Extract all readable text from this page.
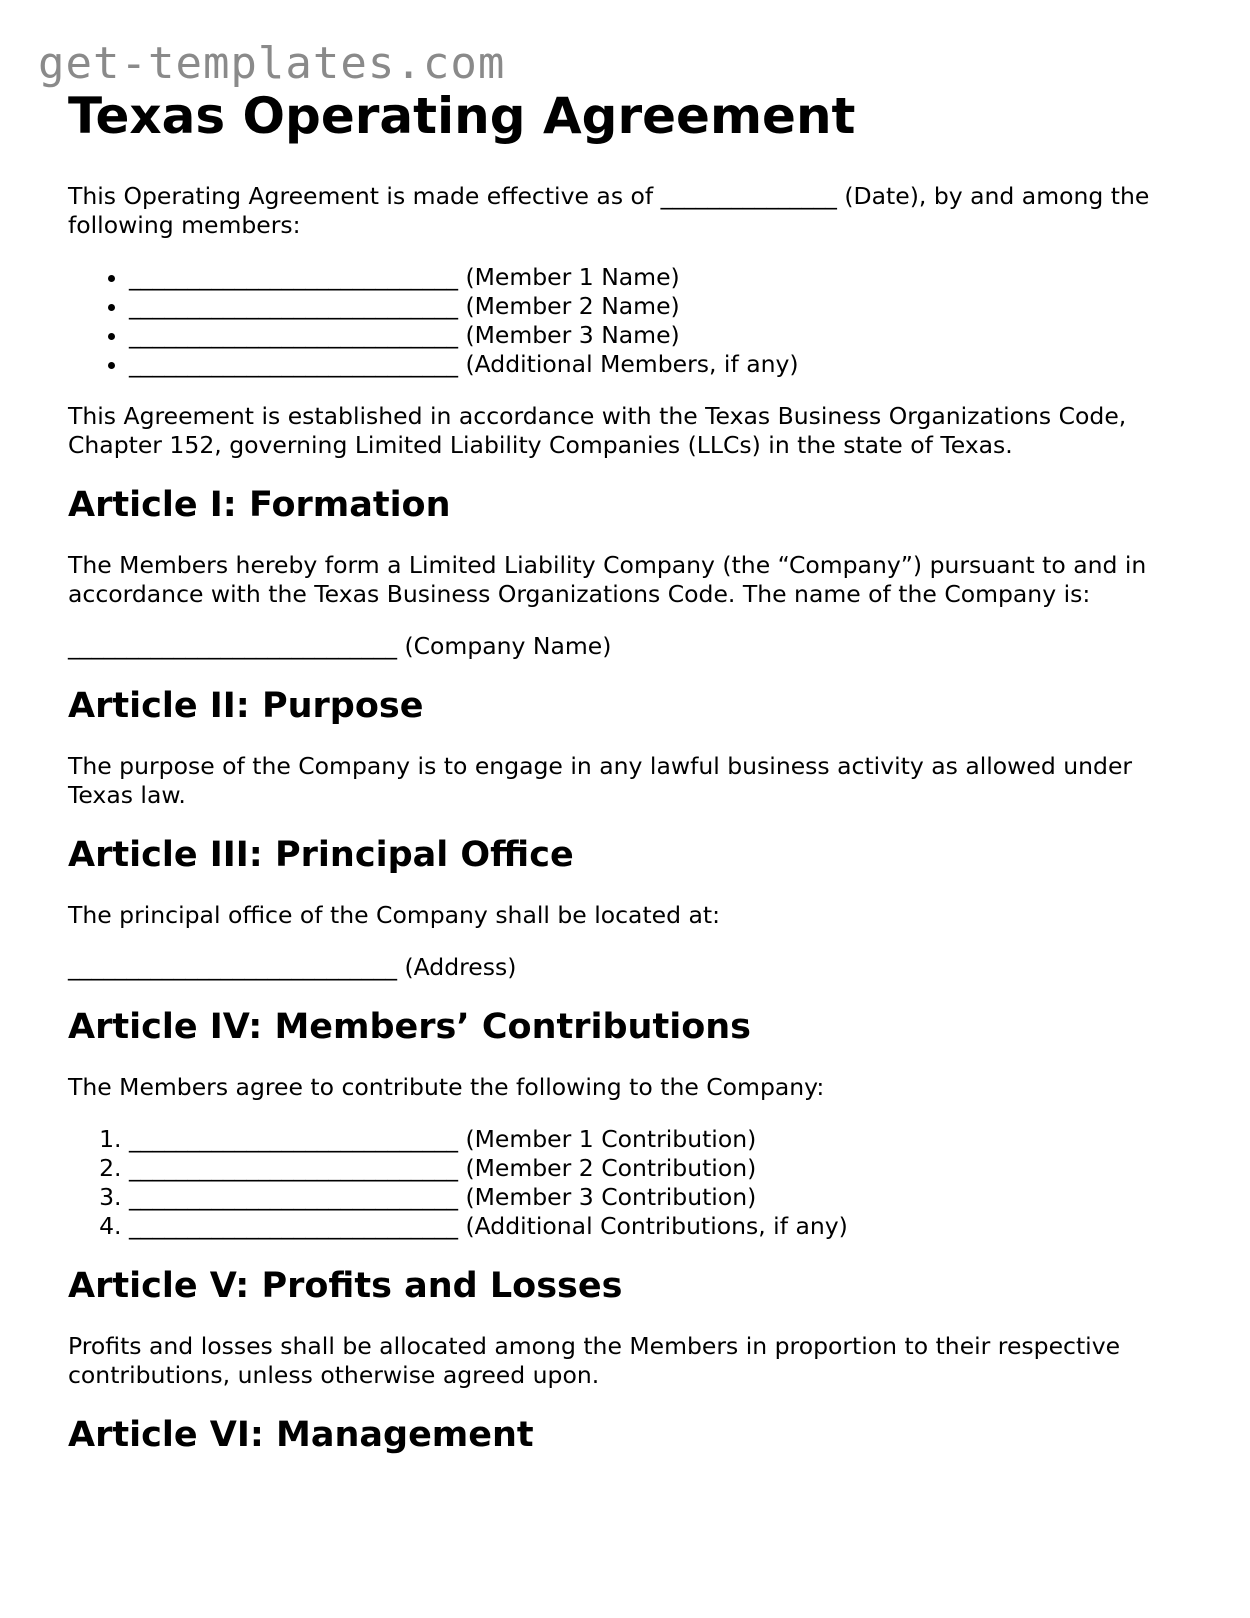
get-templates.com
Texas Operating Agreement

This Operating Agreement is made effective as of _______________ (Date), by and among the following members:

• ____________________________ (Member 1 Name)
• ____________________________ (Member 2 Name)
• ____________________________ (Member 3 Name)
• ____________________________ (Additional Members, if any)

This Agreement is established in accordance with the Texas Business Organizations Code, Chapter 152, governing Limited Liability Companies (LLCs) in the state of Texas.

Article I: Formation

The Members hereby form a Limited Liability Company (the “Company”) pursuant to and in accordance with the Texas Business Organizations Code. The name of the Company is:

____________________________ (Company Name)
Article II: Purpose

The purpose of the Company is to engage in any lawful business activity as allowed under Texas law.

Article III: Principal Office

The principal office of the Company shall be located at:

____________________________ (Address)
Article IV: Members’ Contributions

The Members agree to contribute the following to the Company:

1. ____________________________ (Member 1 Contribution)
2. ____________________________ (Member 2 Contribution)
3. ____________________________ (Member 3 Contribution)
4. ____________________________ (Additional Contributions, if any)
Article V: Profits and Losses

Profits and losses shall be allocated among the Members in proportion to their respective contributions, unless otherwise agreed upon.

Article VI: Management
